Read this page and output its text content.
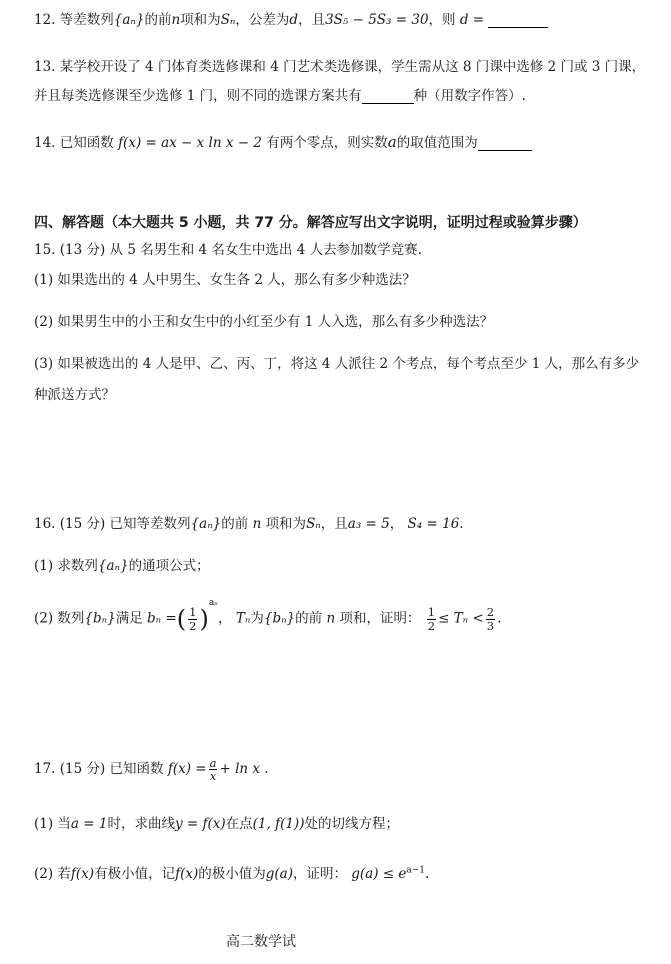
12. 等差数列{aₙ}的前n项和为Sₙ，公差为d，且3S₅ − 5S₃ = 30，则 d =
13. 某学校开设了 4 门体育类选修课和 4 门艺术类选修课，学生需从这 8 门课中选修 2 门或 3 门课，
并且每类选修课至少选修 1 门，则不同的选课方案共有	种（用数字作答）.
14. 已知函数 f(x) = ax − x ln x − 2 有两个零点，则实数a的取值范围为
四、解答题（本大题共 5 小题，共 77 分。解答应写出文字说明，证明过程或验算步骤）
15. (13 分) 从 5 名男生和 4 名女生中选出 4 人去参加数学竞赛.
(1) 如果选出的 4 人中男生、女生各 2 人，那么有多少种选法？
(2) 如果男生中的小王和女生中的小红至少有 1 人入选，那么有多少种选法？
(3) 如果被选出的 4 人是甲、乙、丙、丁，将这 4 人派往 2 个考点，每个考点至少 1 人，那么有多少
种派送方式？
16. (15 分) 已知等差数列{aₙ}的前 n 项和为Sₙ，且a₃ = 5， S₄ = 16.
(1) 求数列{aₙ}的通项公式；
(2) 数列{bₙ}满足 bₙ =( $\frac{1}{2} )^{a_n}$， Tₙ为{bₙ}的前 n 项和，证明： $\frac{1}{2} \le T_n < \frac{2}{3}$ .
17. (15 分) 已知函数 $f(x) = \frac{a}{x} + \ln x$ .
(1) 当a = 1时，求曲线y = f(x)在点(1, f(1))处的切线方程；
(2) 若f(x)有极小值，记f(x)的极小值为g(a)，证明： $g(a) \le e^{a-1}$.
高二数学试
